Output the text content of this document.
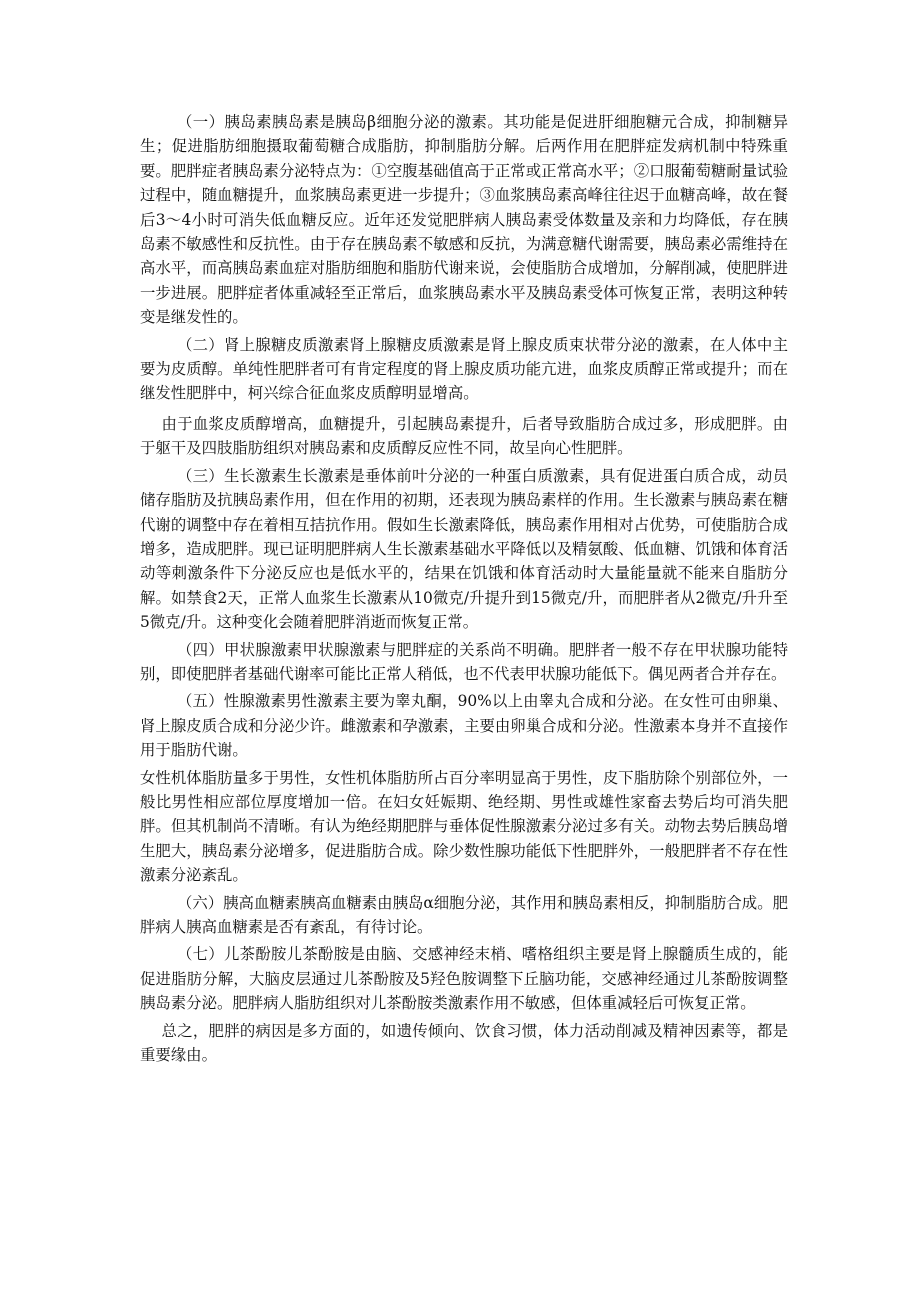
（一）胰岛素胰岛素是胰岛β细胞分泌的激素。其功能是促进肝细胞糖元合成，抑制糖异生；促进脂肪细胞摄取葡萄糖合成脂肪，抑制脂肪分解。后两作用在肥胖症发病机制中特殊重要。肥胖症者胰岛素分泌特点为：①空腹基础值高于正常或正常高水平；②口服葡萄糖耐量试验过程中，随血糖提升，血浆胰岛素更进一步提升；③血浆胰岛素高峰往往迟于血糖高峰，故在餐后3～4小时可消失低血糖反应。近年还发觉肥胖病人胰岛素受体数量及亲和力均降低，存在胰岛素不敏感性和反抗性。由于存在胰岛素不敏感和反抗，为满意糖代谢需要，胰岛素必需维持在高水平，而高胰岛素血症对脂肪细胞和脂肪代谢来说，会使脂肪合成增加，分解削减，使肥胖进一步进展。肥胖症者体重减轻至正常后，血浆胰岛素水平及胰岛素受体可恢复正常，表明这种转变是继发性的。

（二）肾上腺糖皮质激素肾上腺糖皮质激素是肾上腺皮质束状带分泌的激素，在人体中主要为皮质醇。单纯性肥胖者可有肯定程度的肾上腺皮质功能亢进，血浆皮质醇正常或提升；而在继发性肥胖中，柯兴综合征血浆皮质醇明显增高。

由于血浆皮质醇增高，血糖提升，引起胰岛素提升，后者导致脂肪合成过多，形成肥胖。由于躯干及四肢脂肪组织对胰岛素和皮质醇反应性不同，故呈向心性肥胖。

（三）生长激素生长激素是垂体前叶分泌的一种蛋白质激素，具有促进蛋白质合成，动员储存脂肪及抗胰岛素作用，但在作用的初期，还表现为胰岛素样的作用。生长激素与胰岛素在糖代谢的调整中存在着相互拮抗作用。假如生长激素降低，胰岛素作用相对占优势，可使脂肪合成增多，造成肥胖。现已证明肥胖病人生长激素基础水平降低以及精氨酸、低血糖、饥饿和体育活动等刺激条件下分泌反应也是低水平的，结果在饥饿和体育活动时大量能量就不能来自脂肪分解。如禁食2天，正常人血浆生长激素从10微克/升提升到15微克/升，而肥胖者从2微克/升升至5微克/升。这种变化会随着肥胖消逝而恢复正常。

（四）甲状腺激素甲状腺激素与肥胖症的关系尚不明确。肥胖者一般不存在甲状腺功能特别，即使肥胖者基础代谢率可能比正常人稍低，也不代表甲状腺功能低下。偶见两者合并存在。

（五）性腺激素男性激素主要为睾丸酮，90%以上由睾丸合成和分泌。在女性可由卵巢、肾上腺皮质合成和分泌少许。雌激素和孕激素，主要由卵巢合成和分泌。性激素本身并不直接作用于脂肪代谢。

女性机体脂肪量多于男性，女性机体脂肪所占百分率明显高于男性，皮下脂肪除个别部位外，一般比男性相应部位厚度增加一倍。在妇女妊娠期、绝经期、男性或雄性家畜去势后均可消失肥胖。但其机制尚不清晰。有认为绝经期肥胖与垂体促性腺激素分泌过多有关。动物去势后胰岛增生肥大，胰岛素分泌增多，促进脂肪合成。除少数性腺功能低下性肥胖外，一般肥胖者不存在性激素分泌紊乱。

（六）胰高血糖素胰高血糖素由胰岛α细胞分泌，其作用和胰岛素相反，抑制脂肪合成。肥胖病人胰高血糖素是否有紊乱，有待讨论。

（七）儿茶酚胺儿茶酚胺是由脑、交感神经末梢、嗜格组织主要是肾上腺髓质生成的，能促进脂肪分解，大脑皮层通过儿茶酚胺及5羟色胺调整下丘脑功能，交感神经通过儿茶酚胺调整胰岛素分泌。肥胖病人脂肪组织对儿茶酚胺类激素作用不敏感，但体重减轻后可恢复正常。

总之，肥胖的病因是多方面的，如遗传倾向、饮食习惯，体力活动削减及精神因素等，都是重要缘由。
